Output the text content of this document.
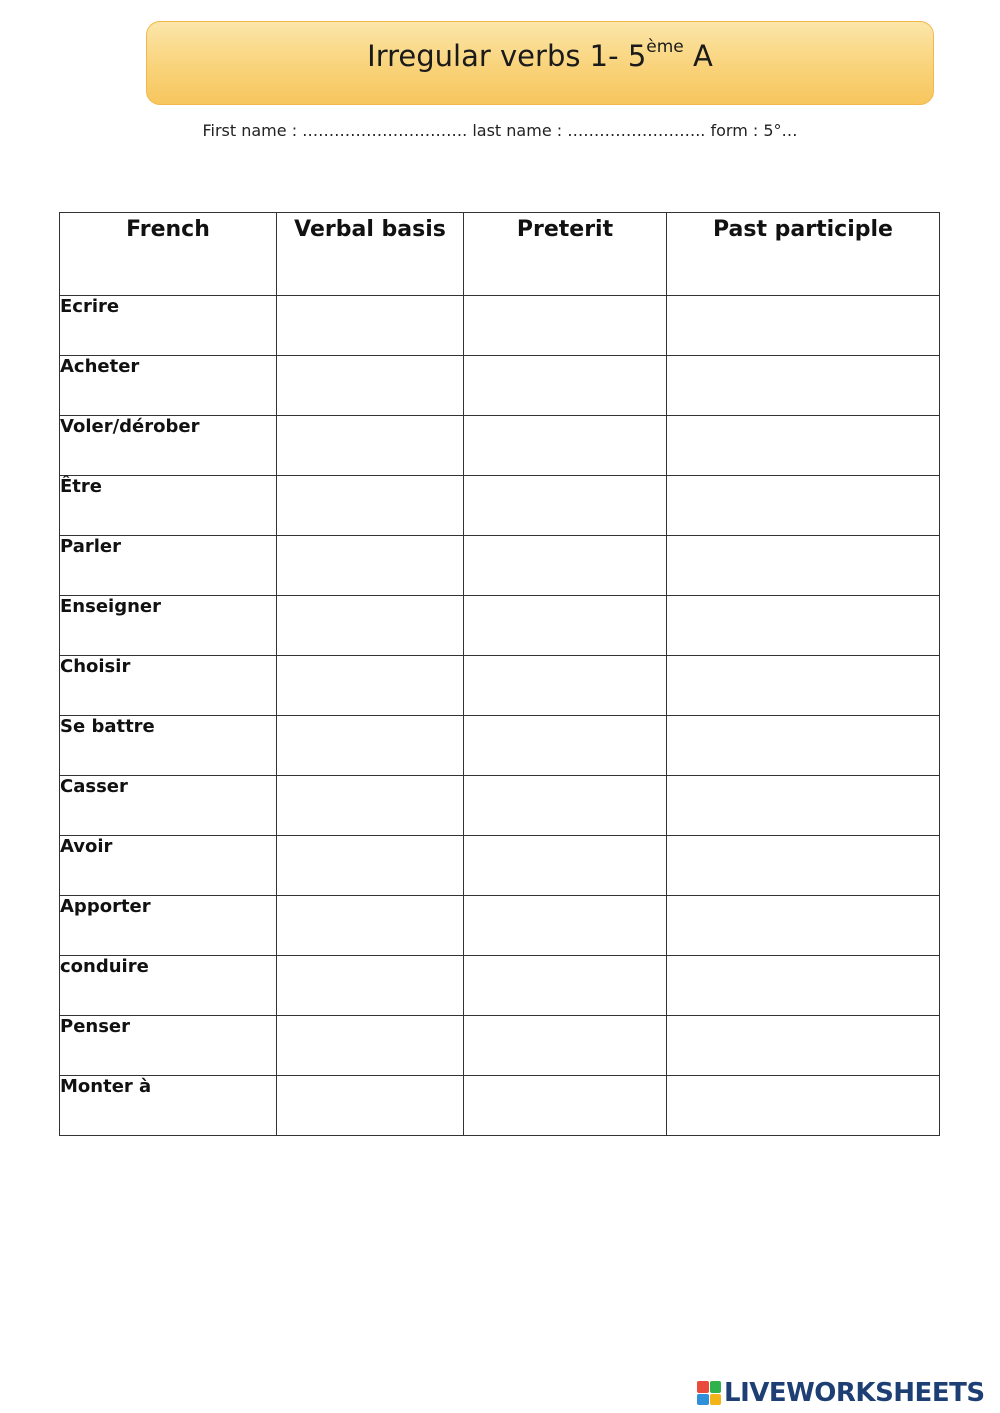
Irregular verbs 1- 5ème A
First name : …………………………. last name : …………………….. form : 5°…
French	Verbal basis	Preterit	Past participle
Ecrire			
Acheter			
Voler/dérober			
Être			
Parler			
Enseigner			
Choisir			
Se battre			
Casser			
Avoir			
Apporter			
conduire			
Penser			
Monter à			
LIVEWORKSHEETS
